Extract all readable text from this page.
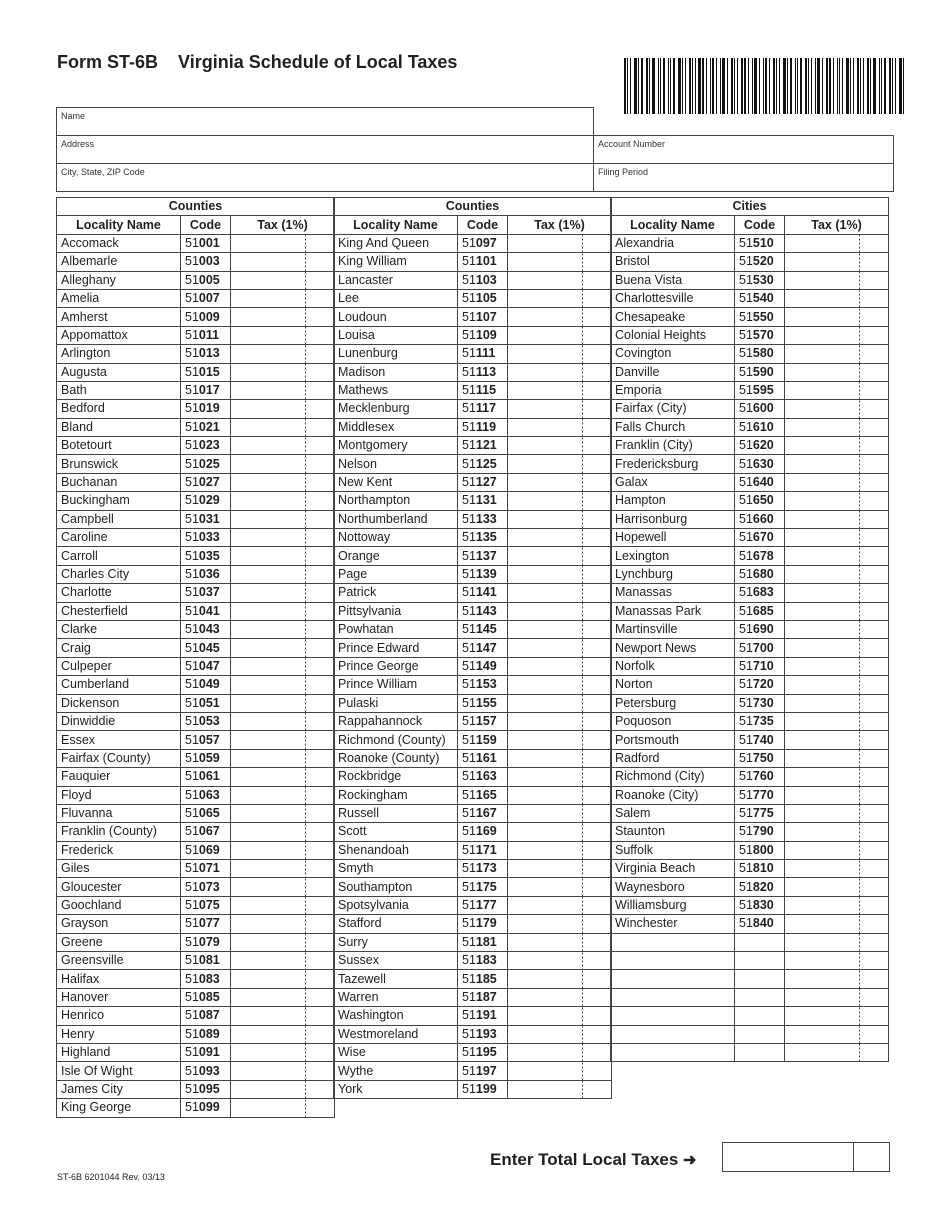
Form ST-6B Virginia Schedule of Local Taxes
Name
Address
City, State, ZIP Code
Account Number
Filing Period
Counties		
Locality Name	Code	Tax (1%)
Accomack	51001	
Albemarle	51003	
Alleghany	51005	
Amelia	51007	
Amherst	51009	
Appomattox	51011	
Arlington	51013	
Augusta	51015	
Bath	51017	
Bedford	51019	
Bland	51021	
Botetourt	51023	
Brunswick	51025	
Buchanan	51027	
Buckingham	51029	
Campbell	51031	
Caroline	51033	
Carroll	51035	
Charles City	51036	
Charlotte	51037	
Chesterfield	51041	
Clarke	51043	
Craig	51045	
Culpeper	51047	
Cumberland	51049	
Dickenson	51051	
Dinwiddie	51053	
Essex	51057	
Fairfax (County)	51059	
Fauquier	51061	
Floyd	51063	
Fluvanna	51065	
Franklin (County)	51067	
Frederick	51069	
Giles	51071	
Gloucester	51073	
Goochland	51075	
Grayson	51077	
Greene	51079	
Greensville	51081	
Halifax	51083	
Hanover	51085	
Henrico	51087	
Henry	51089	
Highland	51091	
Isle Of Wight	51093	
James City	51095	
King George	51099	
Counties		
Locality Name	Code	Tax (1%)
King And Queen	51097	
King William	51101	
Lancaster	51103	
Lee	51105	
Loudoun	51107	
Louisa	51109	
Lunenburg	51111	
Madison	51113	
Mathews	51115	
Mecklenburg	51117	
Middlesex	51119	
Montgomery	51121	
Nelson	51125	
New Kent	51127	
Northampton	51131	
Northumberland	51133	
Nottoway	51135	
Orange	51137	
Page	51139	
Patrick	51141	
Pittsylvania	51143	
Powhatan	51145	
Prince Edward	51147	
Prince George	51149	
Prince William	51153	
Pulaski	51155	
Rappahannock	51157	
Richmond (County)	51159	
Roanoke (County)	51161	
Rockbridge	51163	
Rockingham	51165	
Russell	51167	
Scott	51169	
Shenandoah	51171	
Smyth	51173	
Southampton	51175	
Spotsylvania	51177	
Stafford	51179	
Surry	51181	
Sussex	51183	
Tazewell	51185	
Warren	51187	
Washington	51191	
Westmoreland	51193	
Wise	51195	
Wythe	51197	
York	51199	
Cities		
Locality Name	Code	Tax (1%)
Alexandria	51510	
Bristol	51520	
Buena Vista	51530	
Charlottesville	51540	
Chesapeake	51550	
Colonial Heights	51570	
Covington	51580	
Danville	51590	
Emporia	51595	
Fairfax (City)	51600	
Falls Church	51610	
Franklin (City)	51620	
Fredericksburg	51630	
Galax	51640	
Hampton	51650	
Harrisonburg	51660	
Hopewell	51670	
Lexington	51678	
Lynchburg	51680	
Manassas	51683	
Manassas Park	51685	
Martinsville	51690	
Newport News	51700	
Norfolk	51710	
Norton	51720	
Petersburg	51730	
Poquoson	51735	
Portsmouth	51740	
Radford	51750	
Richmond (City)	51760	
Roanoke (City)	51770	
Salem	51775	
Staunton	51790	
Suffolk	51800	
Virginia Beach	51810	
Waynesboro	51820	
Williamsburg	51830	
Winchester	51840	

ST-6B 6201044 Rev. 03/13
Enter Total Local Taxes ➜
